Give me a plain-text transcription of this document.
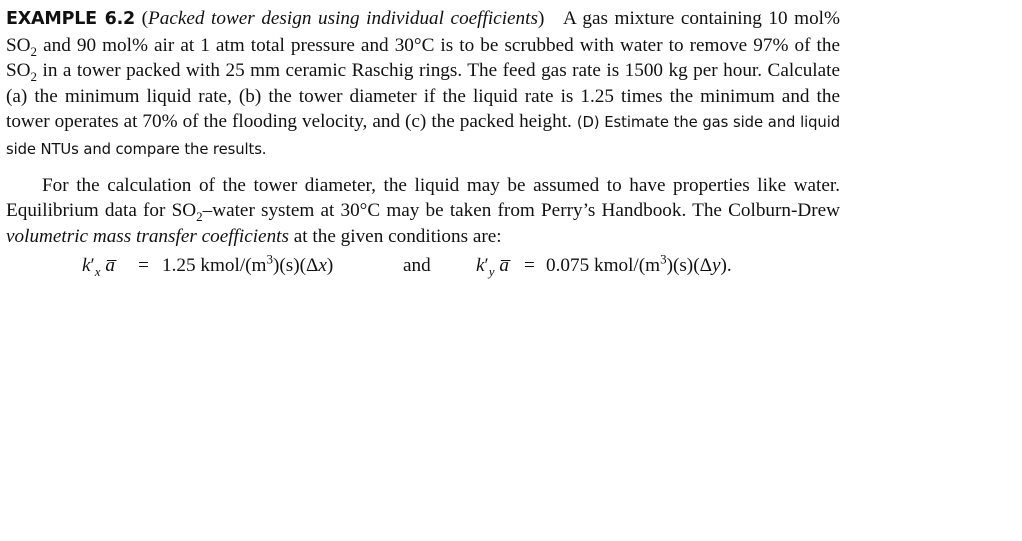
EXAMPLE 6.2 (Packed tower design using individual coefficients)   A gas mixture containing 10 mol% $SO_2$ and 90 mol% air at 1 atm total pressure and 30°C is to be scrubbed with water to remove 97% of the $SO_2$ in a tower packed with 25 mm ceramic Raschig rings. The feed gas rate is 1500 kg per hour. Calculate (a) the minimum liquid rate, (b) the tower diameter if the liquid rate is 1.25 times the minimum and the tower operates at 70% of the flooding velocity, and (c) the packed height. (D) Estimate the gas side and liquid side NTUs and compare the results.

For the calculation of the tower diameter, the liquid may be assumed to have properties like water. Equilibrium data for $SO_2$–water system at 30°C may be taken from Perry’s Handbook. The Colburn-Drew volumetric mass transfer coefficients at the given conditions are:

$k'_x$ a̅ = 1.25 kmol/$(m^3)(s)(\Delta x)$	and $k'_y$ a̅ = 0.075 kmol/$(m^3)(s)(\Delta y)$.
